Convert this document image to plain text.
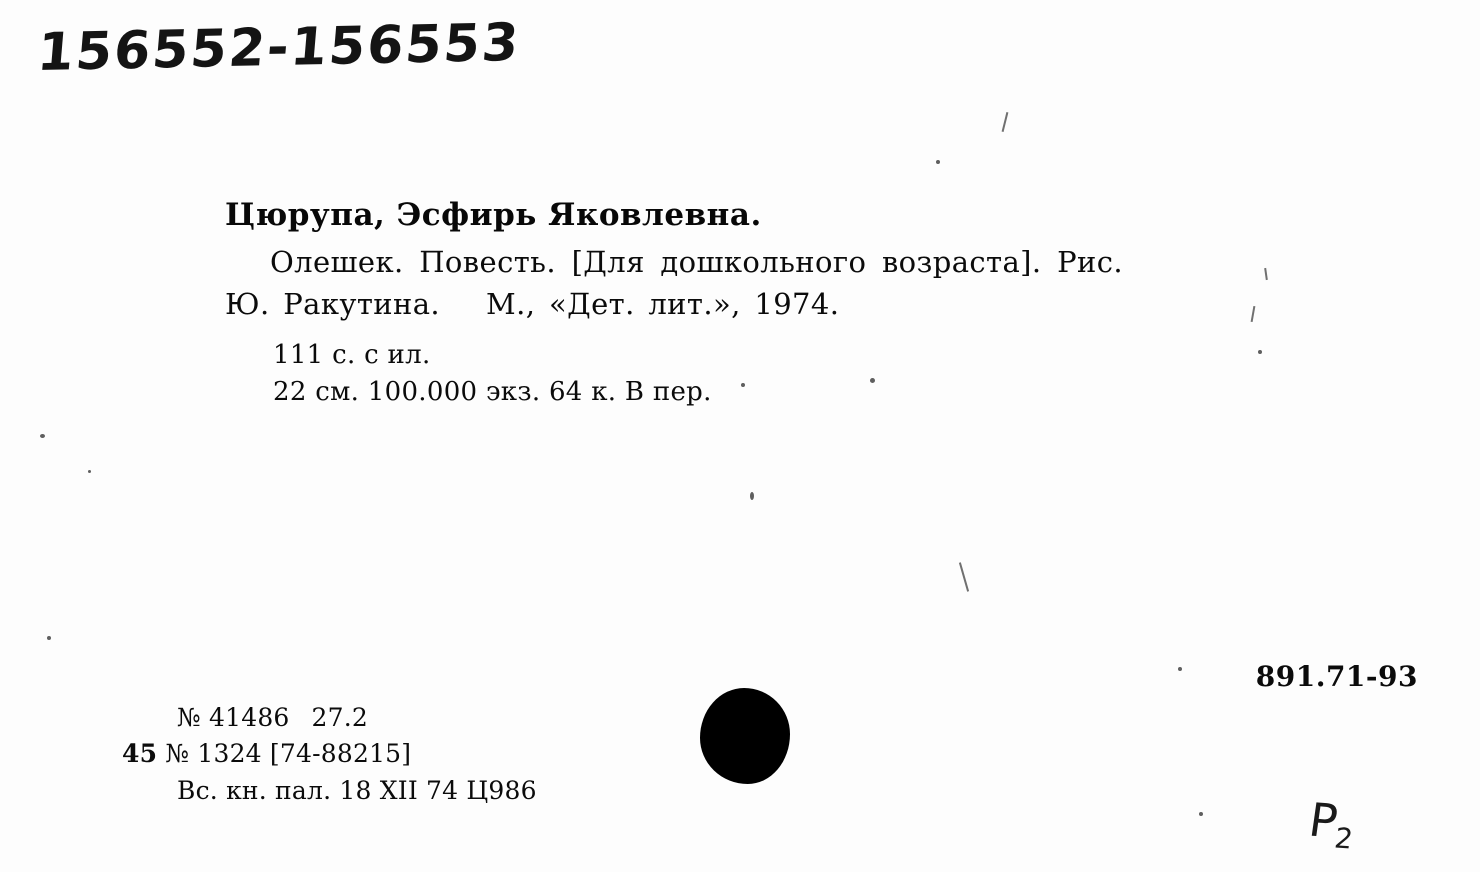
156552-156553
Цюрупа, Эсфирь Яковлевна.
Олешек. Повесть. [Для дошкольного возраста]. Рис.
Ю. Ракутина. М., «Дет. лит.», 1974.
111 с. с ил.
22 см. 100.000 экз. 64 к. В пер.
891.71-93
№ 41486 27.2
45 № 1324 [74-88215]
Вс. кн. пал. 18 XII 74 Ц986
$Р_2$
